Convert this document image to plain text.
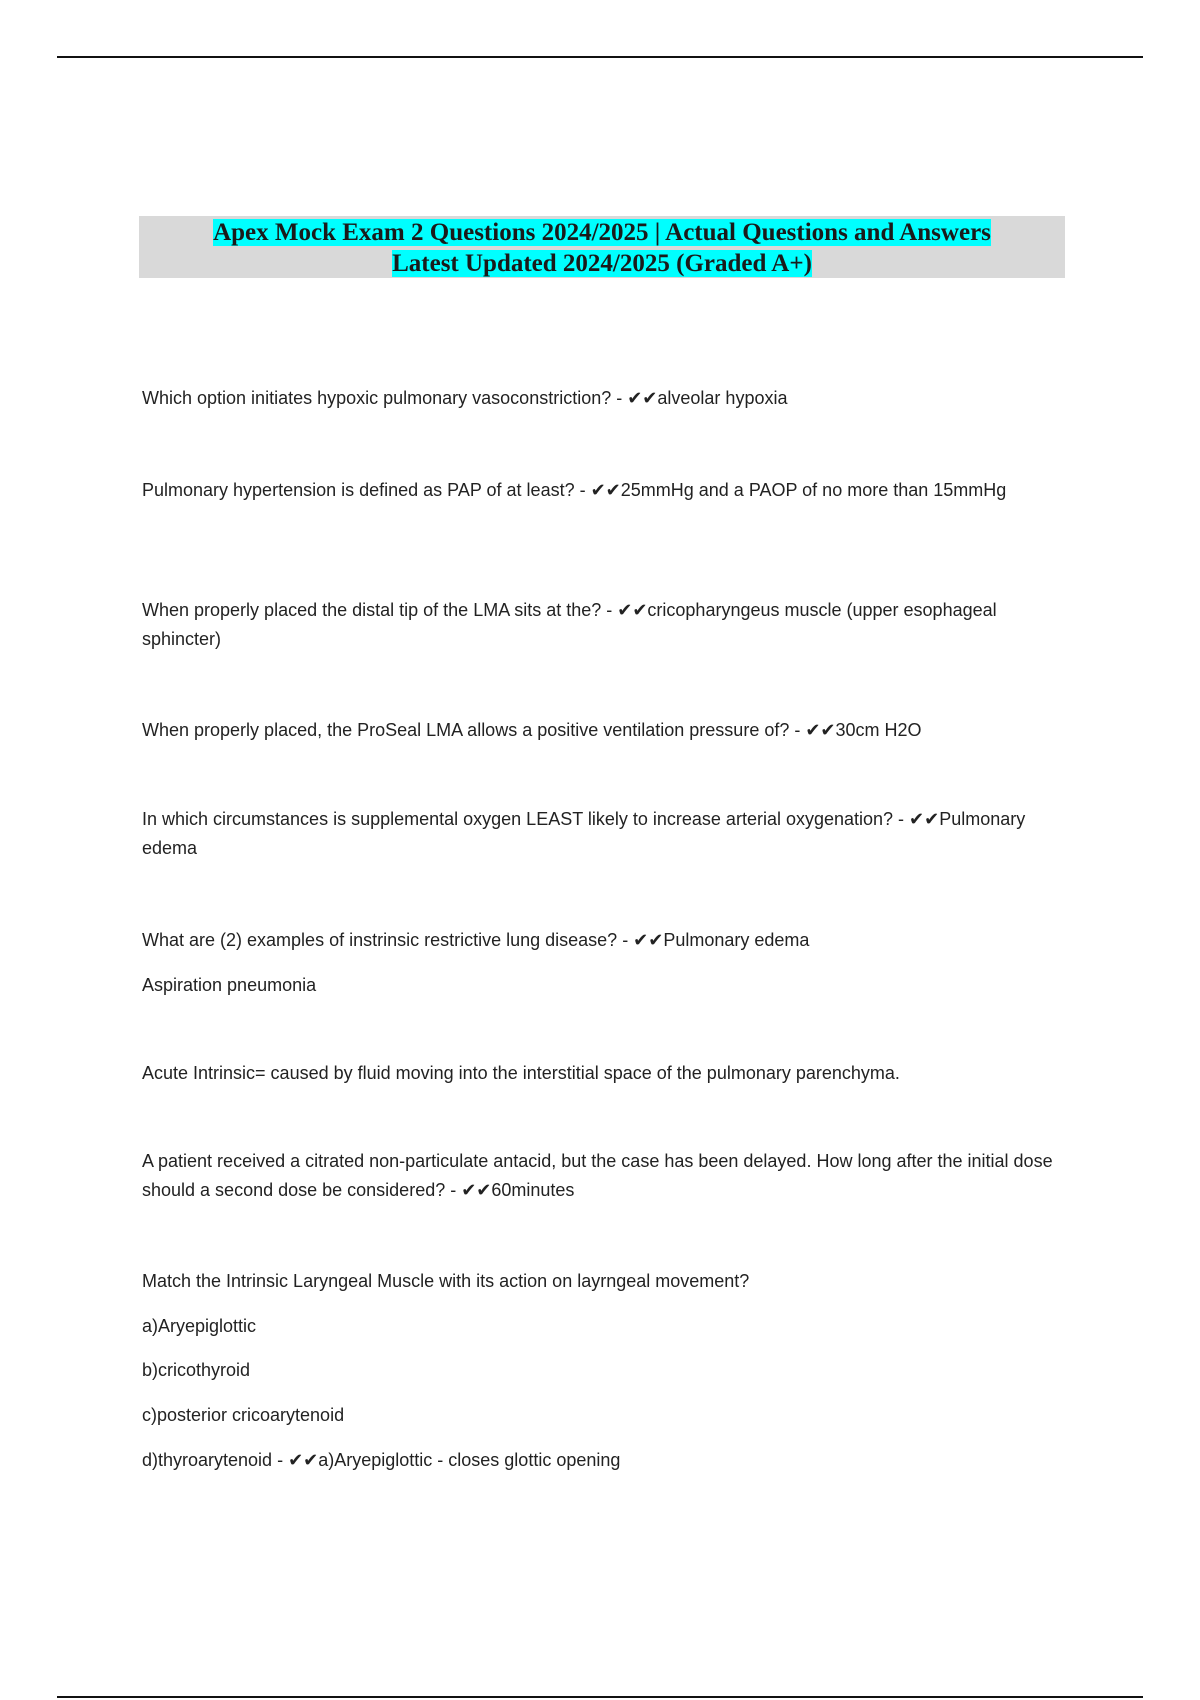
Apex Mock Exam 2 Questions 2024/2025 | Actual Questions and Answers
Latest Updated 2024/2025 (Graded A+)

Which option initiates hypoxic pulmonary vasoconstriction? - ✔✔alveolar hypoxia

Pulmonary hypertension is defined as PAP of at least? - ✔✔25mmHg and a PAOP of no more than 15mmHg

When properly placed the distal tip of the LMA sits at the? - ✔✔cricopharyngeus muscle (upper esophageal sphincter)

When properly placed, the ProSeal LMA allows a positive ventilation pressure of? - ✔✔30cm H2O

In which circumstances is supplemental oxygen LEAST likely to increase arterial oxygenation? - ✔✔Pulmonary edema

What are (2) examples of instrinsic restrictive lung disease? - ✔✔Pulmonary edema

Aspiration pneumonia

Acute Intrinsic= caused by fluid moving into the interstitial space of the pulmonary parenchyma.

A patient received a citrated non-particulate antacid, but the case has been delayed. How long after the initial dose should a second dose be considered? - ✔✔60minutes

Match the Intrinsic Laryngeal Muscle with its action on layrngeal movement?

a)Aryepiglottic

b)cricothyroid

c)posterior cricoarytenoid

d)thyroarytenoid - ✔✔a)Aryepiglottic - closes glottic opening
